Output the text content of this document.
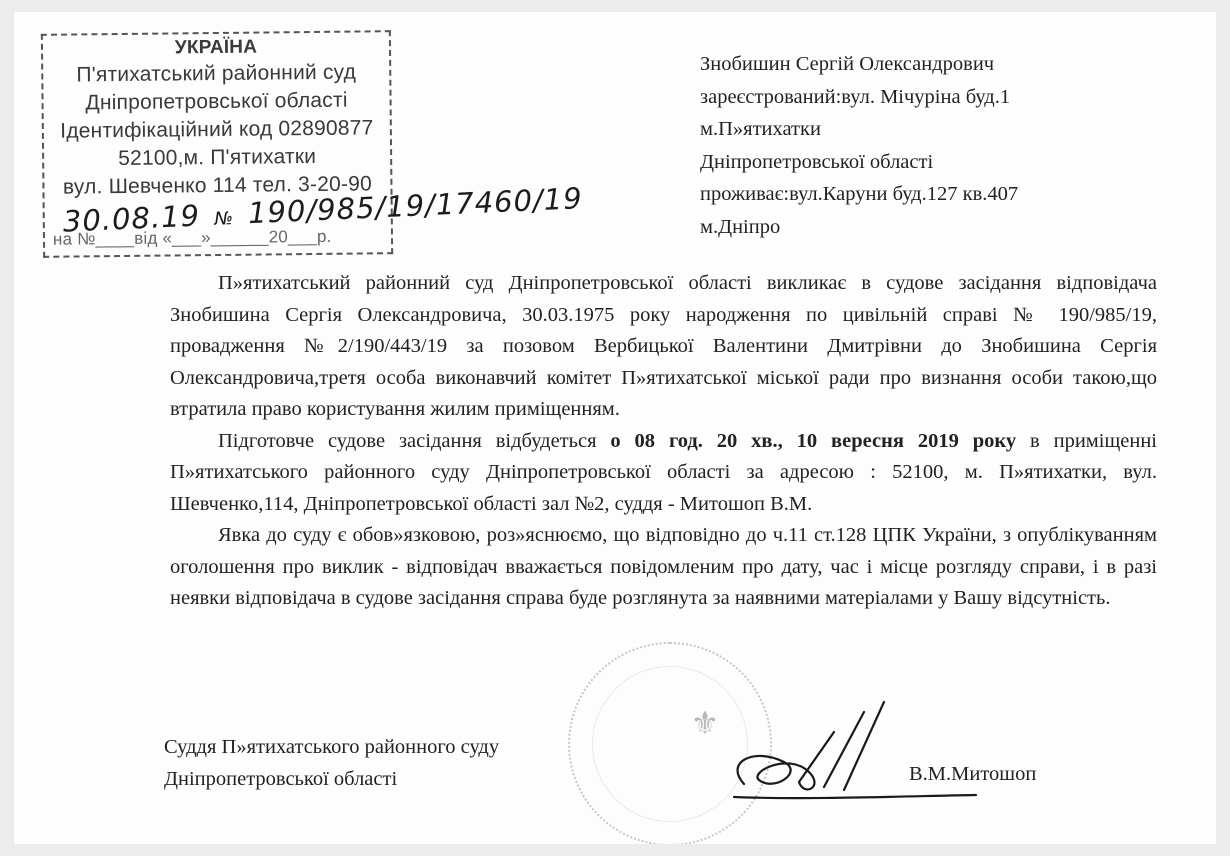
УКРАЇНА
П'ятихатський районний суд
Дніпропетровської області
Ідентифікаційний код 02890877
52100,м. П'ятихатки
вул. Шевченко 114 тел. 3-20-90
на №____від «___»______20___р.
30.08.19 № 190/985/19/17460/19
Знобишин Сергій Олександрович
зареєстрований:вул. Мічуріна буд.1
м.П»ятихатки
Дніпропетровської області
проживає:вул.Каруни буд.127 кв.407
м.Дніпро

П»ятихатський районний суд Дніпропетровської області викликає в судове засідання відповідача Знобишина Сергія Олександровича, 30.03.1975 року народження по цивільній справі № 190/985/19, провадження №2/190/443/19 за позовом Вербицької Валентини Дмитрівни до Знобишина Сергія Олександровича,третя особа виконавчий комітет П»ятихатської міської ради про визнання особи такою,що втратила право користування жилим приміщенням.

Підготовче судове засідання відбудеться о 08 год. 20 хв., 10 вересня 2019 року в приміщенні П»ятихатського районного суду Дніпропетровської області за адресою : 52100, м. П»ятихатки, вул. Шевченко,114, Дніпропетровської області зал №2, суддя - Митошоп В.М.

Явка до суду є обов»язковою, роз»яснюємо, що відповідно до ч.11 ст.128 ЦПК України, з опублікуванням оголошення про виклик - відповідач вважається повідомленим про дату, час і місце розгляду справи, і в разі неявки відповідача в судове засідання справа буде розглянута за наявними матеріалами у Вашу відсутність.

⚜
Суддя П»ятихатського районного суду
Дніпропетровської області	В.М.Митошоп
